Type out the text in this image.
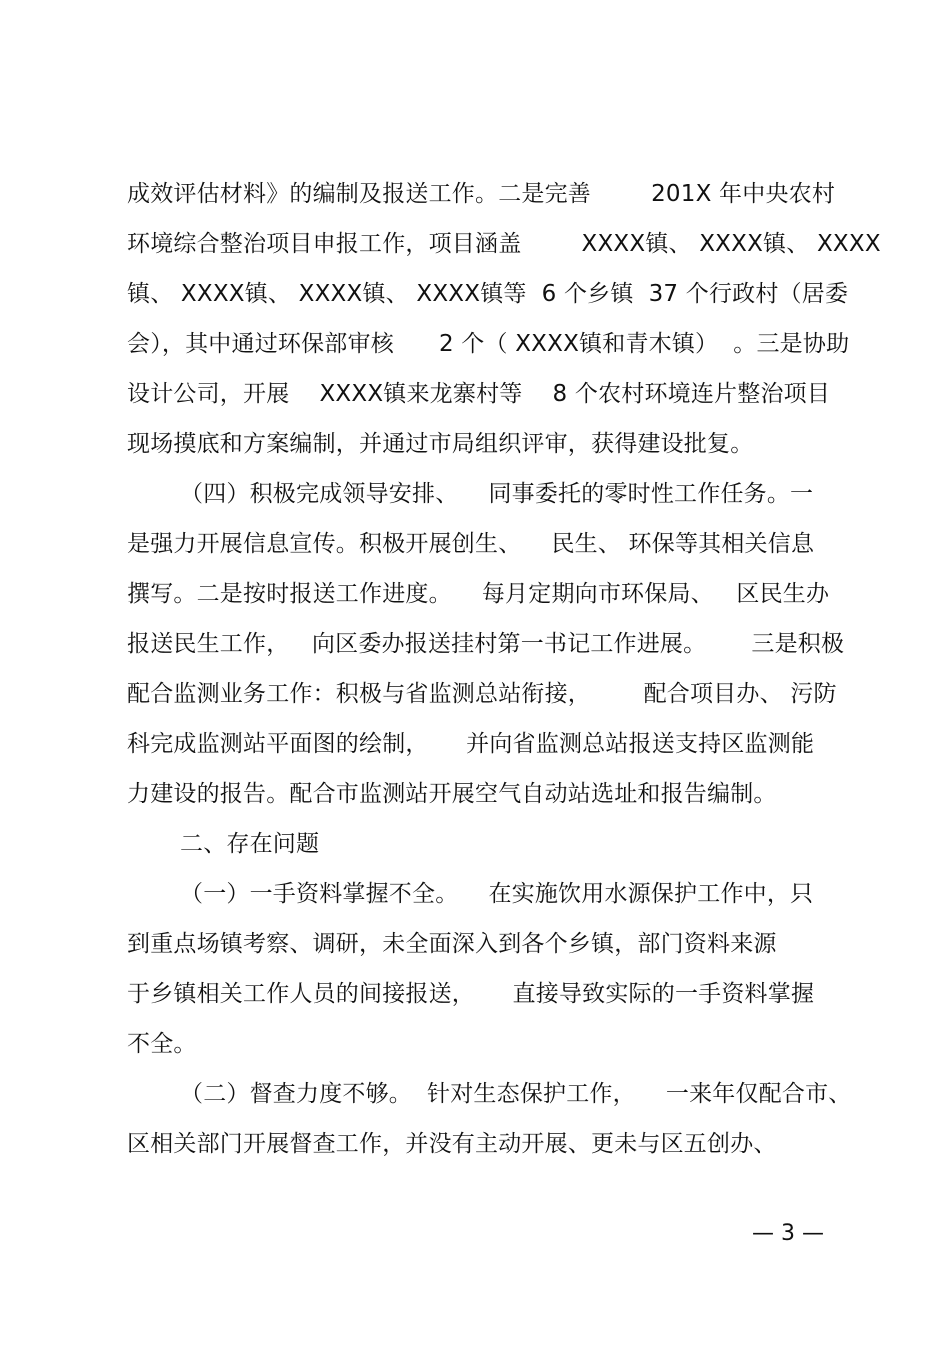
成效评估材料》的编制及报送工作。二是完善        201X 年中央农村
环境综合整治项目申报工作，项目涵盖        XXXX镇、 XXXX镇、 XXXX
镇、 XXXX镇、 XXXX镇、 XXXX镇等  6 个乡镇  37 个行政村（居委
会），其中通过环保部审核      2 个（ XXXX镇和青木镇）  。三是协助
设计公司，开展    XXXX镇来龙寨村等    8 个农村环境连片整治项目
现场摸底和方案编制，并通过市局组织评审，获得建设批复。
（四）积极完成领导安排、    同事委托的零时性工作任务。一
是强力开展信息宣传。积极开展创生、    民生、 环保等其相关信息
撰写。二是按时报送工作进度。    每月定期向市环保局、   区民生办
报送民生工作，   向区委办报送挂村第一书记工作进展。      三是积极
配合监测业务工作：积极与省监测总站衔接，       配合项目办、 污防
科完成监测站平面图的绘制，     并向省监测总站报送支持区监测能
力建设的报告。配合市监测站开展空气自动站选址和报告编制。
二、存在问题
（一）一手资料掌握不全。    在实施饮用水源保护工作中，只
到重点场镇考察、调研，未全面深入到各个乡镇，部门资料来源
于乡镇相关工作人员的间接报送，     直接导致实际的一手资料掌握
不全。
（二）督查力度不够。  针对生态保护工作，    一来年仅配合市、
区相关部门开展督查工作，并没有主动开展、更未与区五创办、
— 3 —
